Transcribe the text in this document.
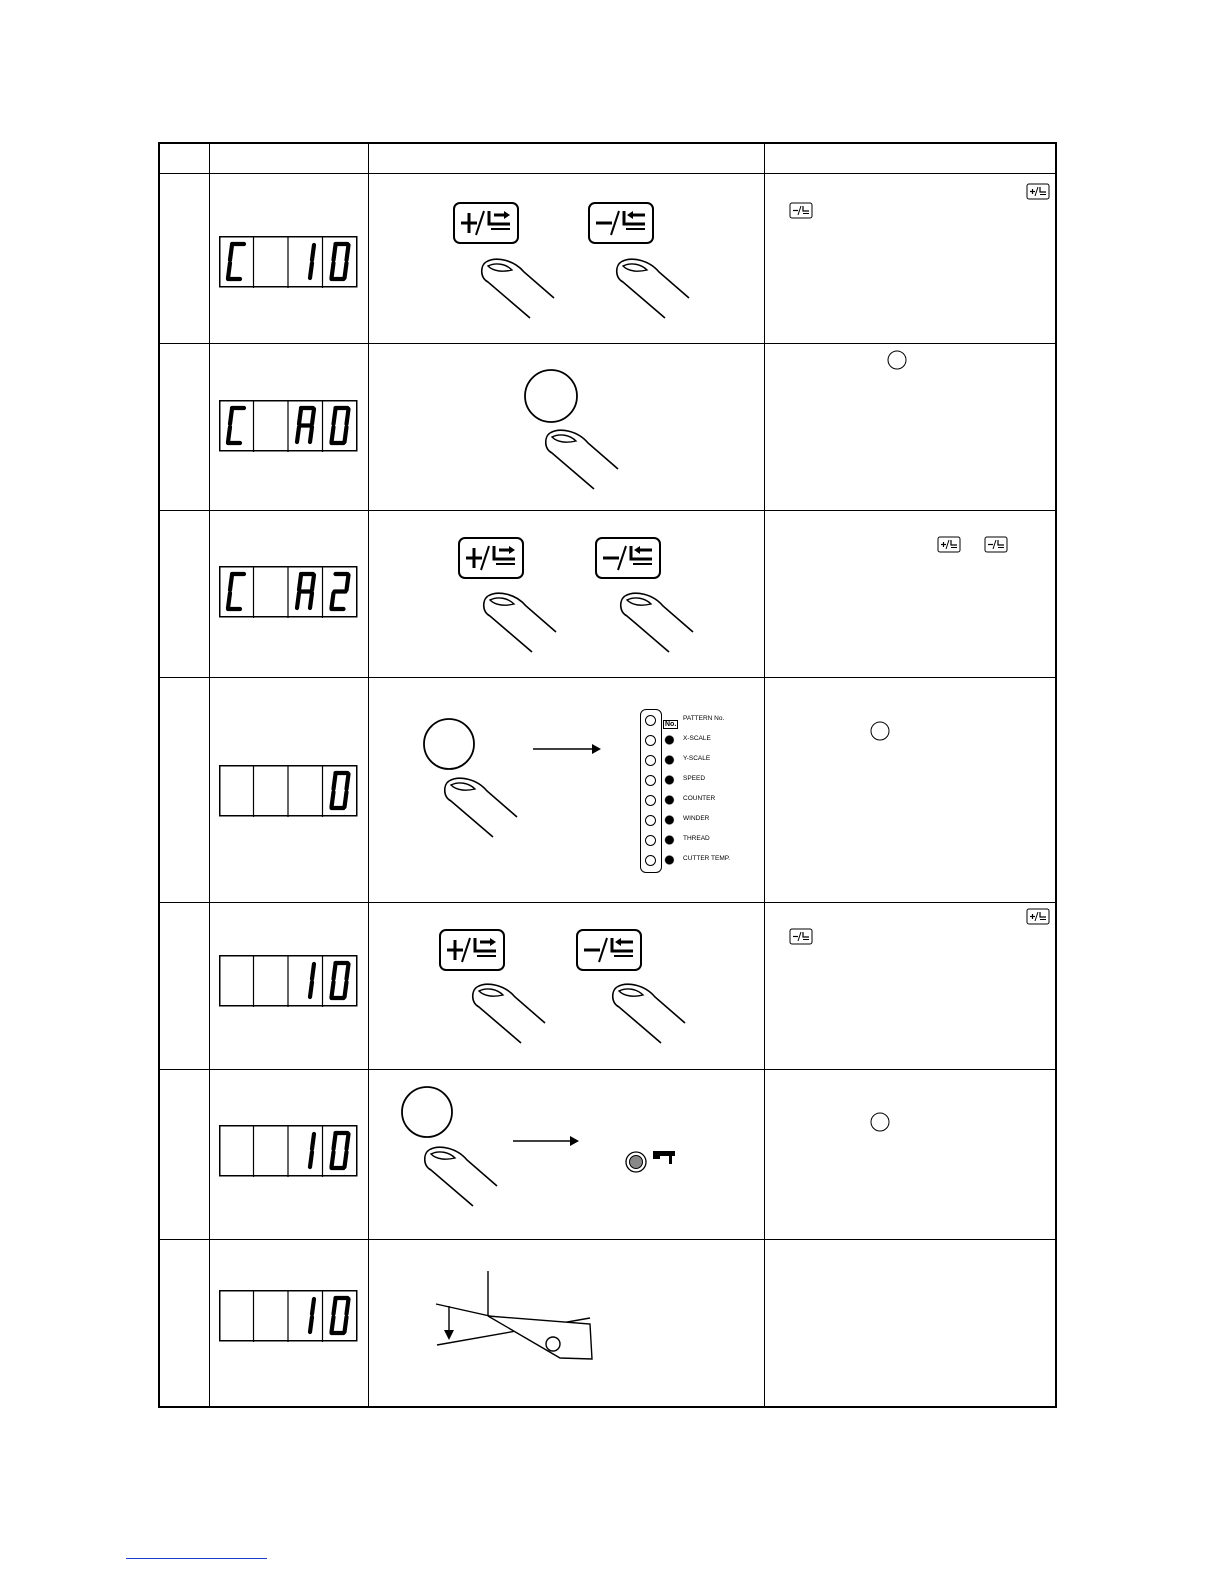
No.
PATTERN No.
X-SCALE
Y-SCALE
SPEED
COUNTER
WINDER
THREAD
CUTTER TEMP.
